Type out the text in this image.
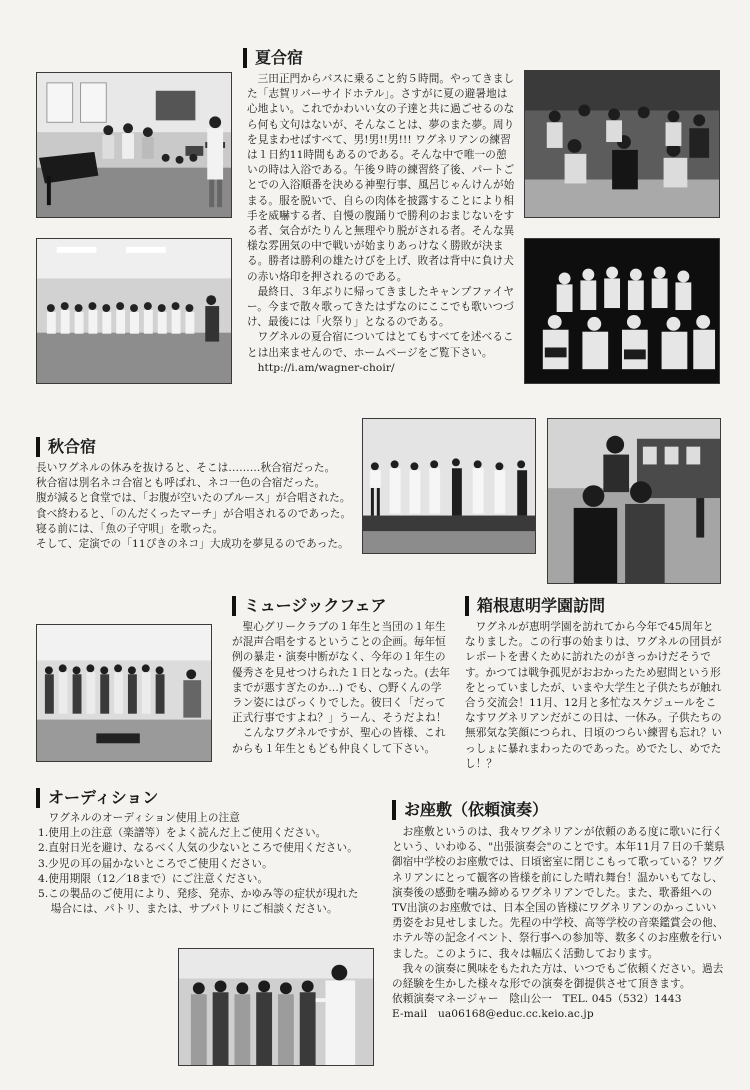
夏合宿

三田正門からバスに乗ること約５時間。やってきました「志賀リバーサイドホテル」。さすがに夏の避暑地は心地よい。これでかわいい女の子達と共に過ごせるのなら何も文句はないが、そんなことは、夢のまた夢。周りを見まわせばすべて、男!男!!男!!! ワグネリアンの練習は１日約11時間もあるのである。そんな中で唯一の憩いの時は入浴である。午後９時の練習終了後、パートごとでの入浴順番を決める神聖行事、風呂じゃんけんが始まる。服を脱いで、自らの肉体を披露することにより相手を威嚇する者、自慢の腹踊りで勝利のおまじないをする者、気合がたりんと無理やり脱がされる者。そんな異様な雰囲気の中で戦いが始まりあっけなく勝敗が決まる。勝者は勝利の雄たけびを上げ、敗者は背中に負け犬の赤い烙印を押されるのである。

最終日、３年ぶりに帰ってきましたキャンプファイヤー。今まで散々歌ってきたはずなのにここでも歌いつづけ、最後には「火祭り」となるのである。

ワグネルの夏合宿についてはとてもすべてを述べることは出来ませんので、ホームページをご覧下さい。

http://i.am/wagner-choir/

秋合宿

長いワグネルの休みを抜けると、そこは………秋合宿だった。

秋合宿は別名ネコ合宿とも呼ばれ、ネコ一色の合宿だった。

腹が減ると食堂では、「お腹が空いたのブルース」が合唱された。

食べ終わると、「のんだくったマーチ」が合唱されるのであった。

寝る前には、「魚の子守唄」を歌った。

そして、定演での「11ぴきのネコ」大成功を夢見るのであった。

ミュージックフェア

聖心グリークラブの１年生と当団の１年生が混声合唱をするということの企画。毎年恒例の暴走・演奏中断がなく、今年の１年生の優秀さを見せつけられた１日となった。(去年までが悪すぎたのか…) でも、○野くんの学ラン姿にはびっくりでした。彼曰く「だって正式行事ですよね？」うーん、そうだよね！

こんなワグネルですが、聖心の皆様、これからも１年生ともども仲良くして下さい。

箱根恵明学園訪問

ワグネルが恵明学園を訪れてから今年で45周年となりました。この行事の始まりは、ワグネルの団員がレポートを書くために訪れたのがきっかけだそうです。かつては戦争孤児がおおかったため慰問という形をとっていましたが、いまや大学生と子供たちが触れ合う交流会！11月、12月と多忙なスケジュールをこなすワグネリアンだがこの日は、一休み。子供たちの無邪気な笑顔につられ、日頃のつらい練習も忘れ？いっしょに暴れまわったのであった。めでたし、めでたし！？

オーディション

ワグネルのオーディション使用上の注意

1.使用上の注意（楽譜等）をよく読んだ上ご使用ください。

2.直射日光を避け、なるべく人気の少ないところで使用ください。

3.少児の耳の届かないところでご使用ください。

4.使用期限（12／18まで）にご注意ください。

5.この製品のご使用により、発疹、発赤、かゆみ等の症状が現れた

場合には、パトリ、または、サブパトリにご相談ください。

お座敷（依頼演奏）

お座敷というのは、我々ワグネリアンが依頼のある度に歌いに行くという、いわゆる、"出張演奏会"のことです。本年11月７日の千葉県御宿中学校のお座敷では、日頃密室に閉じこもって歌っている？ワグネリアンにとって観客の皆様を前にした晴れ舞台！温かいもてなし、演奏後の感動を噛み締めるワグネリアンでした。また、歌番組へのTV出演のお座敷では、日本全国の皆様にワグネリアンのかっこいい勇姿をお見せしました。先程の中学校、高等学校の音楽鑑賞会の他、ホテル等の記念イベント、祭行事への参加等、数多くのお座敷を行いました。このように、我々は幅広く活動しております。

我々の演奏に興味をもたれた方は、いつでもご依頼ください。過去の経験を生かした様々な形での演奏を御提供させて頂きます。

依頼演奏マネージャー　陰山公一　TEL. 045（532）1443

E-mail　ua06168@educ.cc.keio.ac.jp
